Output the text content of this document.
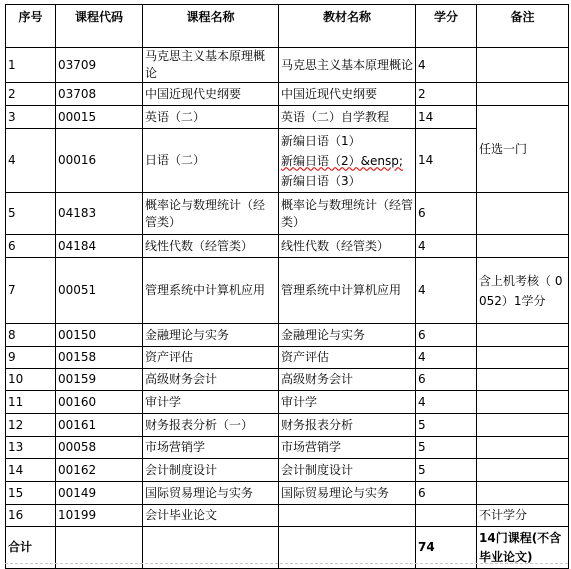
序号	课程代码	课程名称	教材名称	学分	备注
1	03709	马克思主义基本原理概论	马克思主义基本原理概论	4	
2	03708	中国近现代史纲要	中国近现代史纲要	2	
3	00015	英语（二）	英语（二）自学教程	14	任选一门
4	00016	日语（二）	新编日语（1）
新编日语（2）&ensp;
新编日语（3）	14	
5	04183	概率论与数理统计（经管类）	概率论与数理统计（经管类）	6	
6	04184	线性代数（经管类）	线性代数（经管类）	4	
7	00051	管理系统中计算机应用	管理系统中计算机应用	4	含上机考核（ 0052）1学分
8	00150	金融理论与实务	金融理论与实务	6	
9	00158	资产评估	资产评估	4	
10	00159	高级财务会计	高级财务会计	6	
11	00160	审计学	审计学	4	
12	00161	财务报表分析（一）	财务报表分析	5	
13	00058	市场营销学	市场营销学	5	
14	00162	会计制度设计	会计制度设计	5	
15	00149	国际贸易理论与实务	国际贸易理论与实务	6	
16	10199	会计毕业论文			不计学分
合计				74	14门课程(不含毕业论文)
